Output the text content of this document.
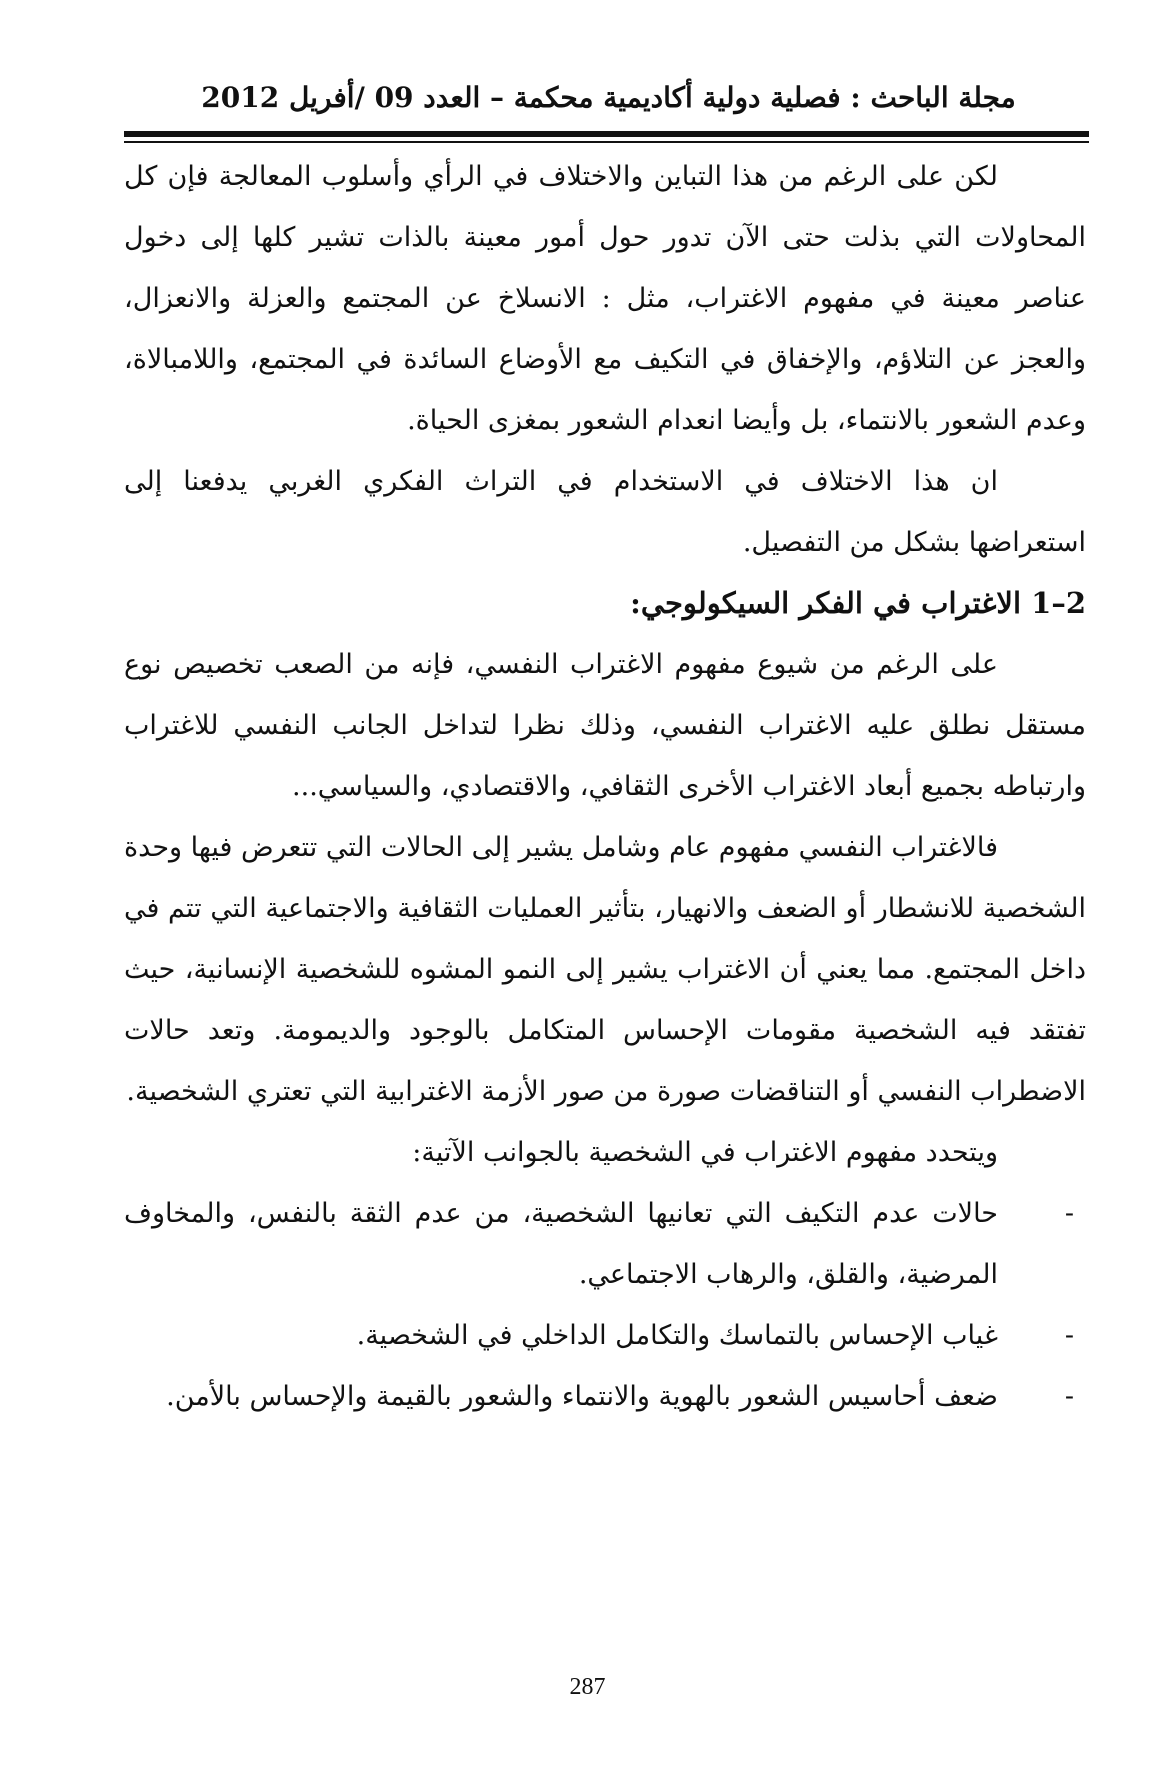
مجلة الباحث : فصلية دولية أكاديمية محكمة – العدد 09 /أفريل 2012

لكن على الرغم من هذا التباين والاختلاف في الرأي وأسلوب المعالجة فإن كل المحاولات التي بذلت حتى الآن تدور حول أمور معينة بالذات تشير كلها إلى دخول عناصر معينة في مفهوم الاغتراب، مثل : الانسلاخ عن المجتمع والعزلة والانعزال، والعجز عن التلاؤم، والإخفاق في التكيف مع الأوضاع السائدة في المجتمع، واللامبالاة، وعدم الشعور بالانتماء، بل وأيضا انعدام الشعور بمغزى الحياة.

ان هذا الاختلاف في الاستخدام في التراث الفكري الغربي يدفعنا إلى استعراضها بشكل من التفصيل.

2–1 الاغتراب في الفكر السيكولوجي:

على الرغم من شيوع مفهوم الاغتراب النفسي، فإنه من الصعب تخصيص نوع مستقل نطلق عليه الاغتراب النفسي، وذلك نظرا لتداخل الجانب النفسي للاغتراب وارتباطه بجميع أبعاد الاغتراب الأخرى الثقافي، والاقتصادي، والسياسي...

فالاغتراب النفسي مفهوم عام وشامل يشير إلى الحالات التي تتعرض فيها وحدة الشخصية للانشطار أو الضعف والانهيار، بتأثير العمليات الثقافية والاجتماعية التي تتم في داخل المجتمع. مما يعني أن الاغتراب يشير إلى النمو المشوه للشخصية الإنسانية، حيث تفتقد فيه الشخصية مقومات الإحساس المتكامل بالوجود والديمومة. وتعد حالات الاضطراب النفسي أو التناقضات صورة من صور الأزمة الاغترابية التي تعتري الشخصية.

ويتحدد مفهوم الاغتراب في الشخصية بالجوانب الآتية:

-
حالات عدم التكيف التي تعانيها الشخصية، من عدم الثقة بالنفس، والمخاوف المرضية، والقلق، والرهاب الاجتماعي.
-
غياب الإحساس بالتماسك والتكامل الداخلي في الشخصية.
-
ضعف أحاسيس الشعور بالهوية والانتماء والشعور بالقيمة والإحساس بالأمن.
287
